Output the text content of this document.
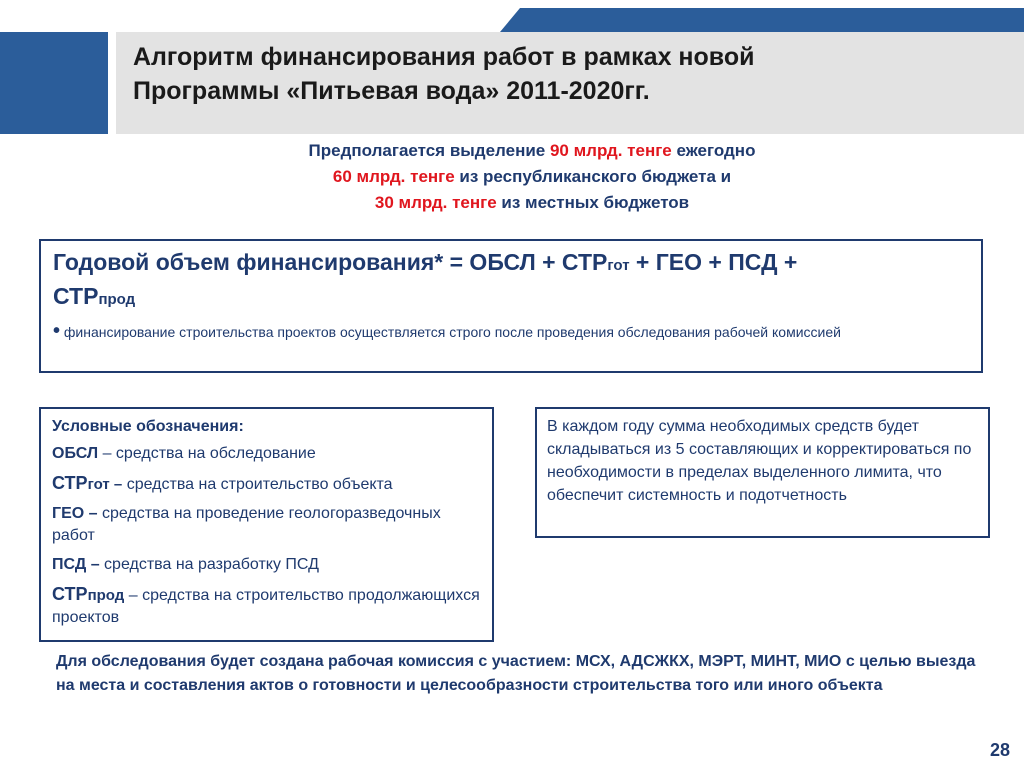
Алгоритм финансирования работ в рамках новой
Программы «Питьевая вода» 2011-2020гг.
Предполагается выделение 90 млрд. тенге ежегодно
60 млрд. тенге из республиканского бюджета и
30 млрд. тенге из местных бюджетов
Годовой объем финансирования* = ОБСЛ + СТРгот + ГЕО + ПСД +
СТРпрод
• финансирование строительства проектов осуществляется строго после проведения обследования рабочей комиссией
Условные обозначения:
ОБСЛ – средства на обследование
СТРгот – средства на строительство объекта
ГЕО – средства на проведение геологоразведочных работ
ПСД – средства на разработку ПСД
СТРпрод – средства на строительство продолжающихся проектов
В каждом году сумма необходимых средств будет складываться из 5 составляющих и корректироваться по необходимости в пределах выделенного лимита, что обеспечит системность и подотчетность
Для обследования будет создана рабочая комиссия с участием: МСХ, АДСЖКХ, МЭРТ, МИНТ, МИО с целью выезда на места и составления актов о готовности и целесообразности строительства того или иного объекта
28
